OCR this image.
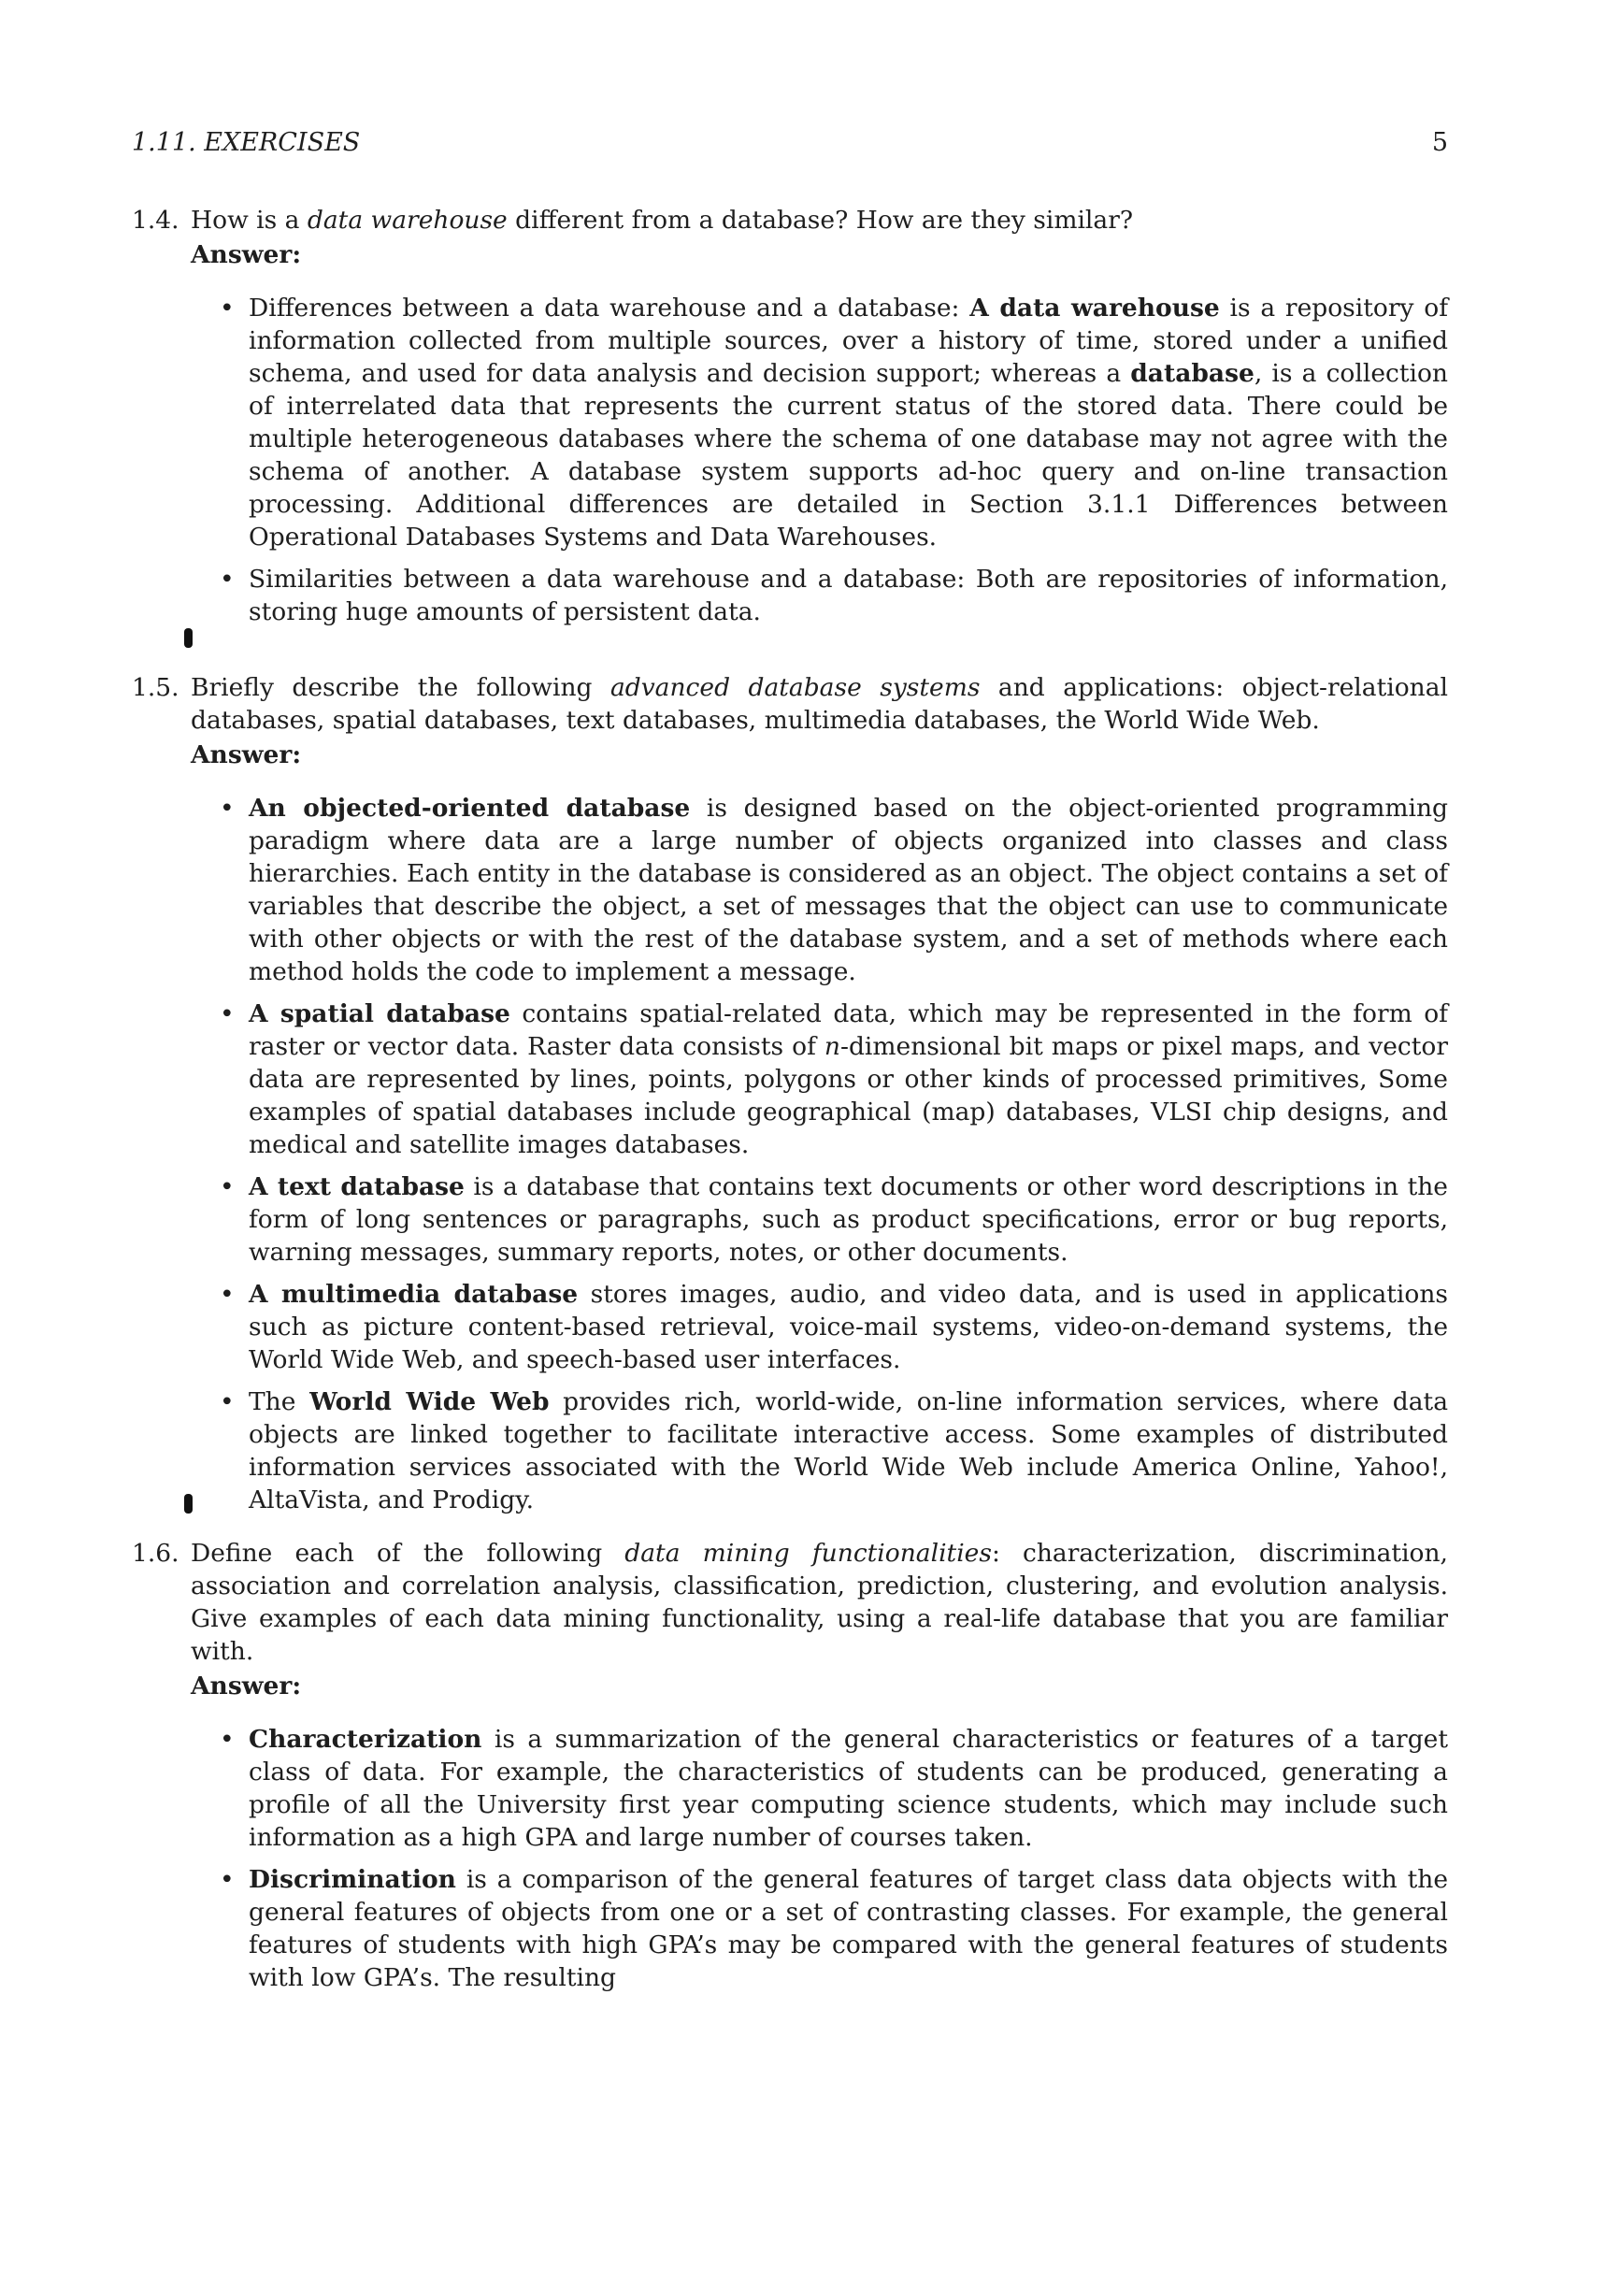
1.11. EXERCISES	5
1.4. How is a data warehouse different from a database? How are they similar?
Answer:
• Differences between a data warehouse and a database: A data warehouse is a repository of information collected from multiple sources, over a history of time, stored under a unified schema, and used for data analysis and decision support; whereas a database, is a collection of interrelated data that represents the current status of the stored data. There could be multiple heterogeneous databases where the schema of one database may not agree with the schema of another. A database system supports ad-hoc query and on-line transaction processing. Additional differences are detailed in Section 3.1.1 Differences between Operational Databases Systems and Data Warehouses.
• Similarities between a data warehouse and a database: Both are repositories of information, storing huge amounts of persistent data.
1.5. Briefly describe the following advanced database systems and applications: object-relational databases, spatial databases, text databases, multimedia databases, the World Wide Web.
Answer:
• An objected-oriented database is designed based on the object-oriented programming paradigm where data are a large number of objects organized into classes and class hierarchies. Each entity in the database is considered as an object. The object contains a set of variables that describe the object, a set of messages that the object can use to communicate with other objects or with the rest of the database system, and a set of methods where each method holds the code to implement a message.
• A spatial database contains spatial-related data, which may be represented in the form of raster or vector data. Raster data consists of n-dimensional bit maps or pixel maps, and vector data are represented by lines, points, polygons or other kinds of processed primitives, Some examples of spatial databases include geographical (map) databases, VLSI chip designs, and medical and satellite images databases.
• A text database is a database that contains text documents or other word descriptions in the form of long sentences or paragraphs, such as product specifications, error or bug reports, warning messages, summary reports, notes, or other documents.
• A multimedia database stores images, audio, and video data, and is used in applications such as picture content-based retrieval, voice-mail systems, video-on-demand systems, the World Wide Web, and speech-based user interfaces.
• The World Wide Web provides rich, world-wide, on-line information services, where data objects are linked together to facilitate interactive access. Some examples of distributed information services associated with the World Wide Web include America Online, Yahoo!, AltaVista, and Prodigy.
1.6. Define each of the following data mining functionalities: characterization, discrimination, association and correlation analysis, classification, prediction, clustering, and evolution analysis. Give examples of each data mining functionality, using a real-life database that you are familiar with.
Answer:
• Characterization is a summarization of the general characteristics or features of a target class of data. For example, the characteristics of students can be produced, generating a profile of all the University first year computing science students, which may include such information as a high GPA and large number of courses taken.
• Discrimination is a comparison of the general features of target class data objects with the general features of objects from one or a set of contrasting classes. For example, the general features of students with high GPA’s may be compared with the general features of students with low GPA’s. The resulting
